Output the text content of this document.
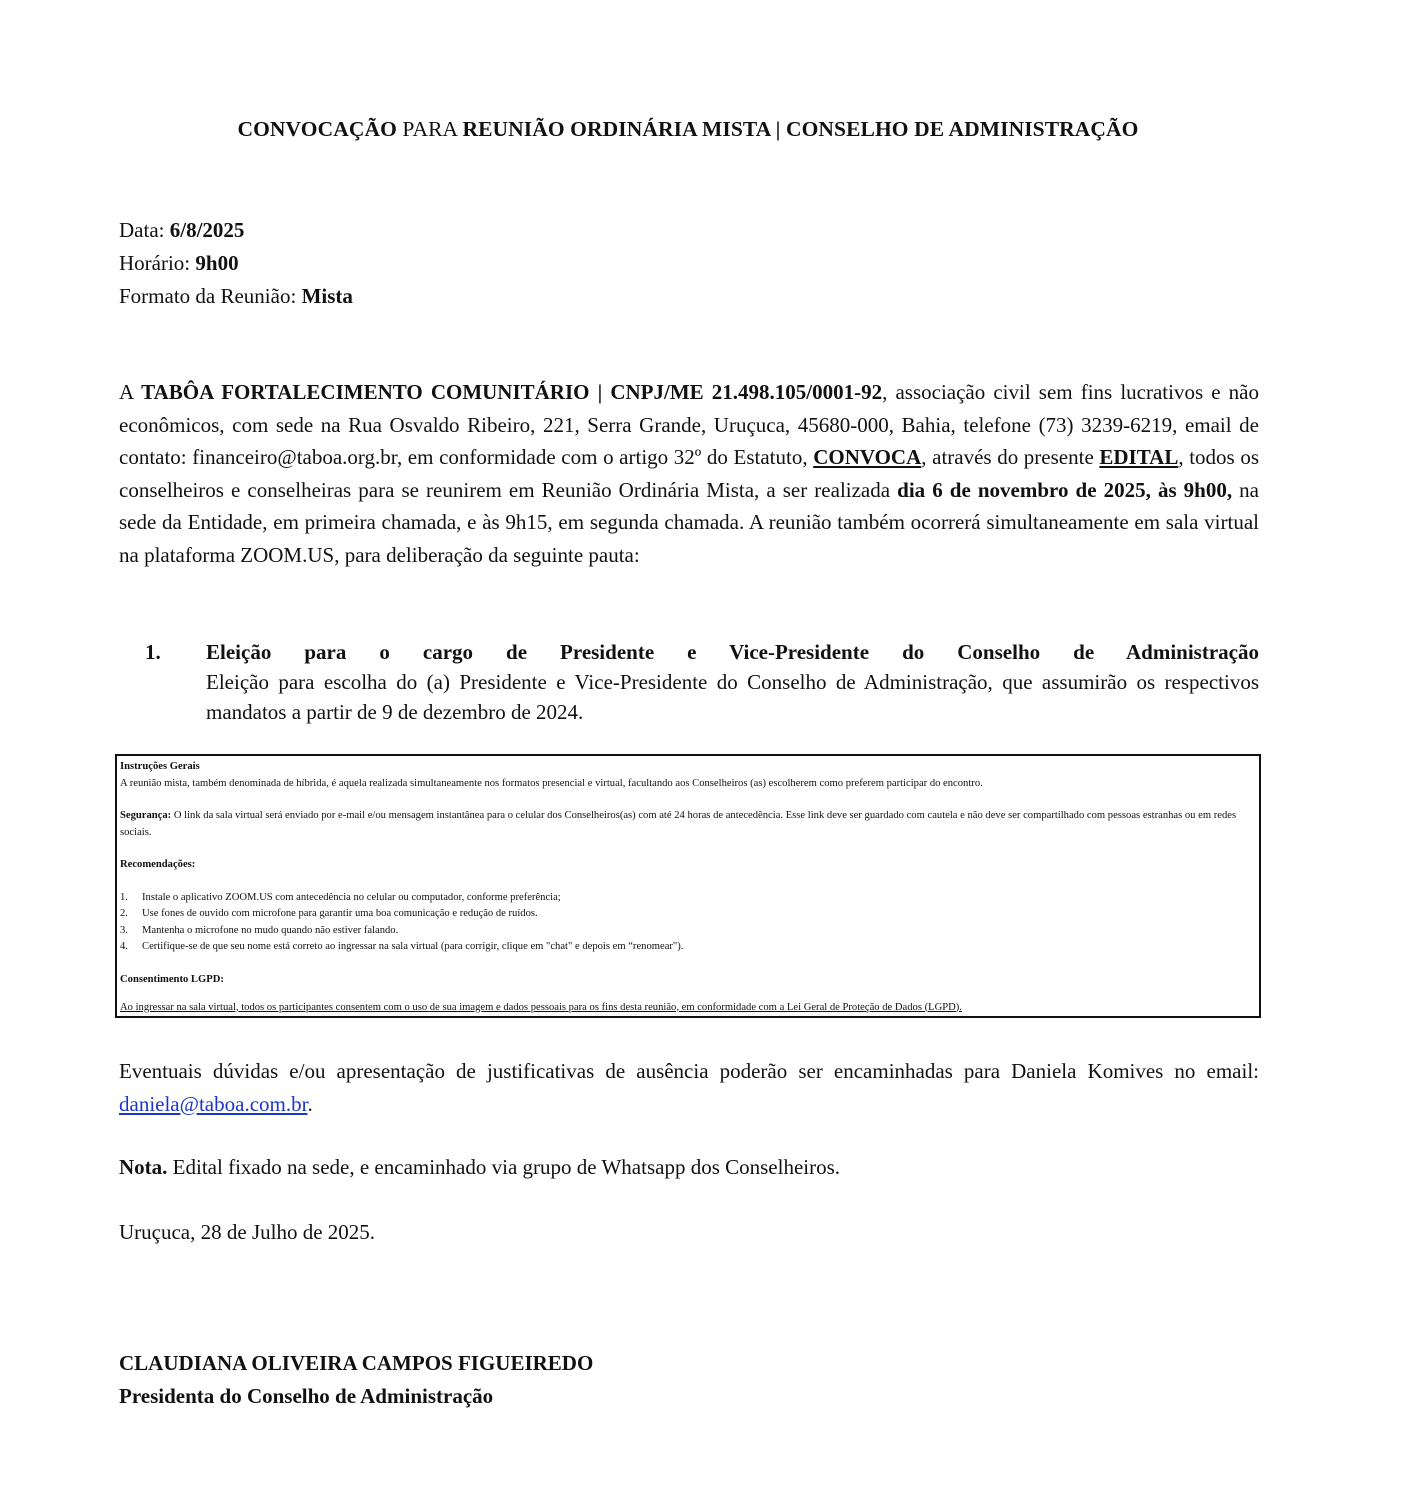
CONVOCAÇÃO PARA REUNIÃO ORDINÁRIA MISTA | CONSELHO DE ADMINISTRAÇÃO
Data: 6/8/2025
Horário: 9h00
Formato da Reunião: Mista
A TABÔA FORTALECIMENTO COMUNITÁRIO | CNPJ/ME 21.498.105/0001-92, associação civil sem fins lucrativos e não econômicos, com sede na Rua Osvaldo Ribeiro, 221, Serra Grande, Uruçuca, 45680-000, Bahia, telefone (73) 3239-6219, email de contato: financeiro@taboa.org.br, em conformidade com o artigo 32º do Estatuto, CONVOCA, através do presente EDITAL, todos os conselheiros e conselheiras para se reunirem em Reunião Ordinária Mista, a ser realizada dia 6 de novembro de 2025, às 9h00, na sede da Entidade, em primeira chamada, e às 9h15, em segunda chamada. A reunião também ocorrerá simultaneamente em sala virtual na plataforma ZOOM.US, para deliberação da seguinte pauta:
1. Eleição para o cargo de Presidente e Vice-Presidente do Conselho de Administração
Eleição para escolha do (a) Presidente e Vice-Presidente do Conselho de Administração, que assumirão os respectivos mandatos a partir de 9 de dezembro de 2024.
Instruções Gerais
A reunião mista, também denominada de híbrida, é aquela realizada simultaneamente nos formatos presencial e virtual, facultando aos Conselheiros (as) escolherem como preferem participar do encontro.
Segurança: O link da sala virtual será enviado por e-mail e/ou mensagem instantânea para o celular dos Conselheiros(as) com até 24 horas de antecedência. Esse link deve ser guardado com cautela e não deve ser compartilhado com pessoas estranhas ou em redes sociais.
Recomendações:
1.	Instale o aplicativo ZOOM.US com antecedência no celular ou computador, conforme preferência;
2.	Use fones de ouvido com microfone para garantir uma boa comunicação e redução de ruídos.
3.	Mantenha o microfone no mudo quando não estiver falando.
4.	Certifique-se de que seu nome está correto ao ingressar na sala virtual (para corrigir, clique em "chat" e depois em “renomear").
Consentimento LGPD:
Ao ingressar na sala virtual, todos os participantes consentem com o uso de sua imagem e dados pessoais para os fins desta reunião, em conformidade com a Lei Geral de Proteção de Dados (LGPD).
Eventuais dúvidas e/ou apresentação de justificativas de ausência poderão ser encaminhadas para Daniela Komives no email: daniela@taboa.com.br.
Nota. Edital fixado na sede, e encaminhado via grupo de Whatsapp dos Conselheiros.
Uruçuca, 28 de Julho de 2025.
CLAUDIANA OLIVEIRA CAMPOS FIGUEIREDO
Presidenta do Conselho de Administração
